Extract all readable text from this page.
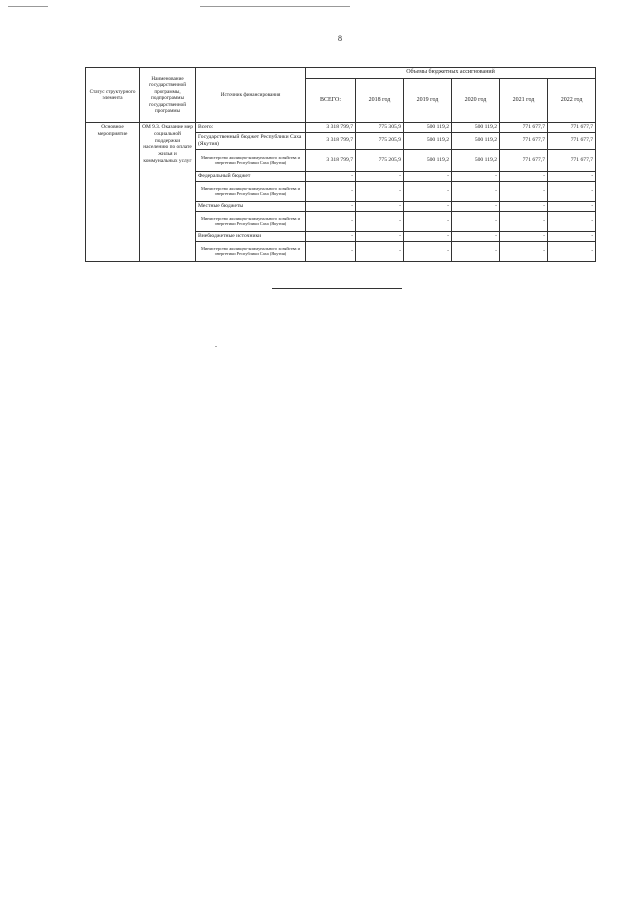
8
Статус структурного элемента	Наименование государственной программы, подпрограммы государственной программы	Источник финансирования	Объемы бюджетных ассигнований					
			ВСЕГО:	2018 год	2019 год	2020 год	2021 год	2022 год
Основное мероприятие	ОМ 9.3. Оказание мер социальной поддержки населению по оплате жилья и коммунальных услуг	Всего:	3 318 799,7	775 305,9	500 119,2	500 119,2	771 677,7	771 677,7
		Государственный бюджет Республики Саха (Якутия)	3 318 799,7	775 205,9	500 119,2	500 119,2	771 677,7	771 677,7
		Министерство жилищно-коммунального хозяйства и энергетики Республики Саха (Якутия)	3 318 799,7	775 205,9	500 119,2	500 119,2	771 677,7	771 677,7
		Федеральный бюджет	-	-	-	-	-	-
		Министерство жилищно-коммунального хозяйства и энергетики Республики Саха (Якутия)	-	-	-	-	-	-
		Местные бюджеты	-	-	-	-	-	-
		Министерство жилищно-коммунального хозяйства и энергетики Республики Саха (Якутия)	-	-	-	-	-	-
		Внебюджетные источники	-	-	-	-	-	-
		Министерство жилищно-коммунального хозяйства и энергетики Республики Саха (Якутия)	-	-	-	-	-	-
